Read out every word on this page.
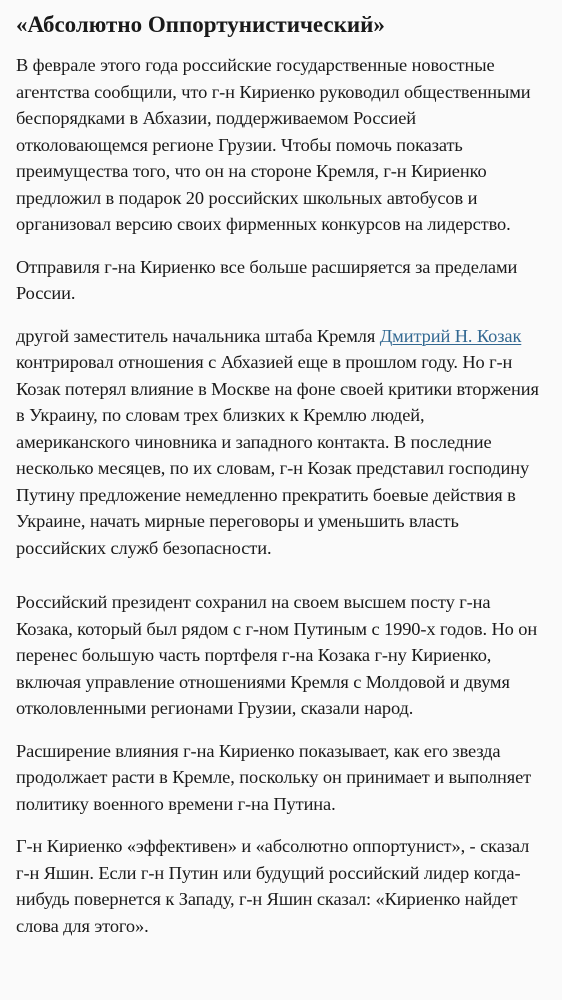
«Абсолютно Оппортунистический»

В феврале этого года российские государственные новостные агентства сообщили, что г-н Кириенко руководил общественными беспорядками в Абхазии, поддерживаемом Россией отколовающемся регионе Грузии. Чтобы помочь показать преимущества того, что он на стороне Кремля, г-н Кириенко предложил в подарок 20 российских школьных автобусов и организовал версию своих фирменных конкурсов на лидерство.

Отправиля г-на Кириенко все больше расширяется за пределами России.

другой заместитель начальника штаба Кремля Дмитрий Н. Козак контрировал отношения с Абхазией еще в прошлом году. Но г-н Козак потерял влияние в Москве на фоне своей критики вторжения в Украину, по словам трех близких к Кремлю людей, американского чиновника и западного контакта. В последние несколько месяцев, по их словам, г-н Козак представил господину Путину предложение немедленно прекратить боевые действия в Украине, начать мирные переговоры и уменьшить власть российских служб безопасности.

Российский президент сохранил на своем высшем посту г-на Козака, который был рядом с г-ном Путиным с 1990-х годов. Но он перенес большую часть портфеля г-на Козака г-ну Кириенко, включая управление отношениями Кремля с Молдовой и двумя отколовленными регионами Грузии, сказали народ.

Расширение влияния г-на Кириенко показывает, как его звезда продолжает расти в Кремле, поскольку он принимает и выполняет политику военного времени г-на Путина.

Г-н Кириенко «эффективен» и «абсолютно оппортунист», - сказал г-н Яшин. Если г-н Путин или будущий российский лидер когда-нибудь повернется к Западу, г-н Яшин сказал: «Кириенко найдет слова для этого».
